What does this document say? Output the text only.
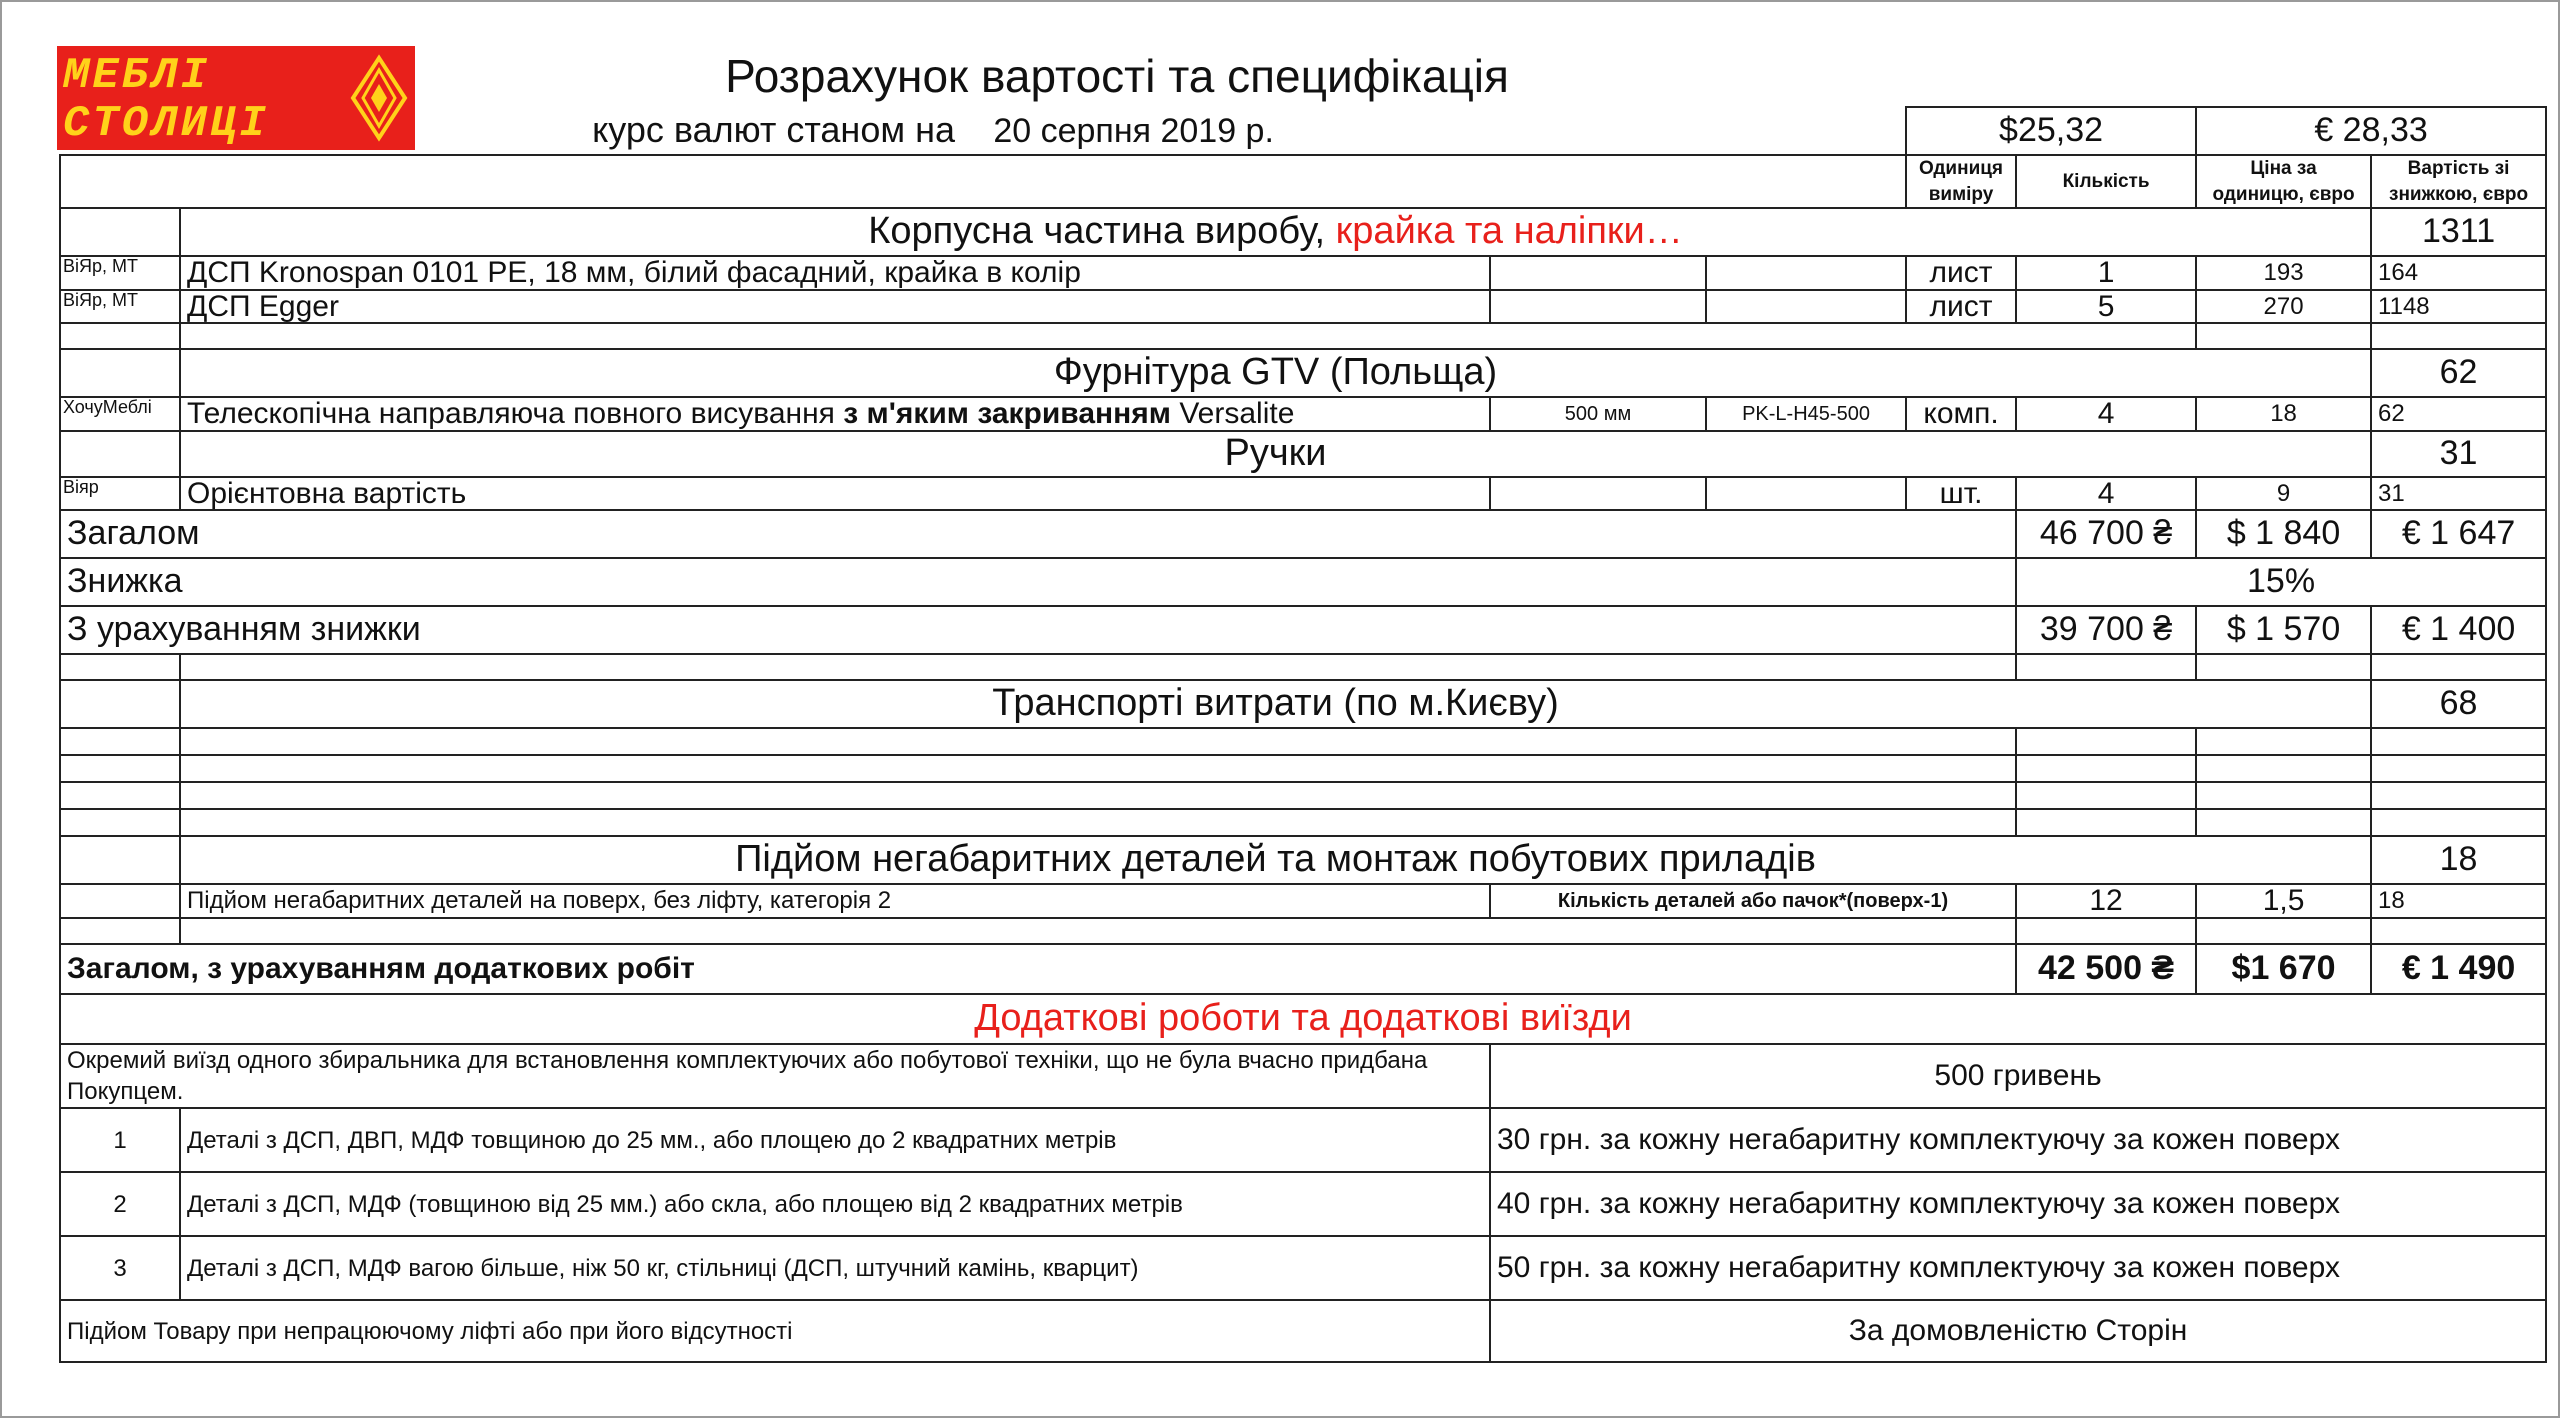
МЕБЛІ
СТОЛИЦІ
Розрахунок вартості та специфікація
курс валют станом на 20 серпня 2019 р.				$25,32		€ 28,33	
				Одиниця виміру	Кількість	Ціна за одиницю, євро	Вартість зі знижкою, євро
	Корпусна частина виробу, крайка та наліпки…						1311
ВіЯр, МТ	ДСП Kronospan 0101 PE, 18 мм, білий фасадний, крайка в колір			лист	1	193	164
ВіЯр, МТ	ДСП Egger			лист	5	270	1148

	Фурнітура GTV (Польща)						62
ХочуМеблі	Телескопічна направляюча повного висування з м'яким закриванням Versalite	500 мм	PK-L-H45-500	комп.	4	18	62
	Ручки						31
Віяр	Орієнтовна вартість			шт.	4	9	31
Загалом					46 700 ₴	$ 1 840	€ 1 647
Знижка					15%		
З урахуванням знижки					39 700 ₴	$ 1 570	€ 1 400

	Транспорті витрати (по м.Києву)						68

	Підйом негабаритних деталей та монтаж побутових приладів						18
	Підйом негабаритних деталей на поверх, без ліфту, категорія 2	Кількість деталей або пачок*(поверх-1)			12	1,5	18

Загалом, з урахуванням додаткових робіт					42 500 ₴	$1 670	€ 1 490
Додаткові роботи та додаткові виїзди							
Окремий виїзд одного збиральника для встановлення комплектуючих або побутової техніки, що не була вчасно придбана Покупцем.		500 гривень					
1	Деталі з ДСП, ДВП, МДФ товщиною до 25 мм., або площею до 2 квадратних метрів	30 грн. за кожну негабаритну комплектуючу за кожен поверх					
2	Деталі з ДСП, МДФ (товщиною від 25 мм.) або скла, або площею від 2 квадратних метрів	40 грн. за кожну негабаритну комплектуючу за кожен поверх					
3	Деталі з ДСП, МДФ вагою більше, ніж 50 кг, стільниці (ДСП, штучний камінь, кварцит)	50 грн. за кожну негабаритну комплектуючу за кожен поверх					
Підйом Товару при непрацюючому ліфті або при його відсутності		За домовленістю Сторін					
